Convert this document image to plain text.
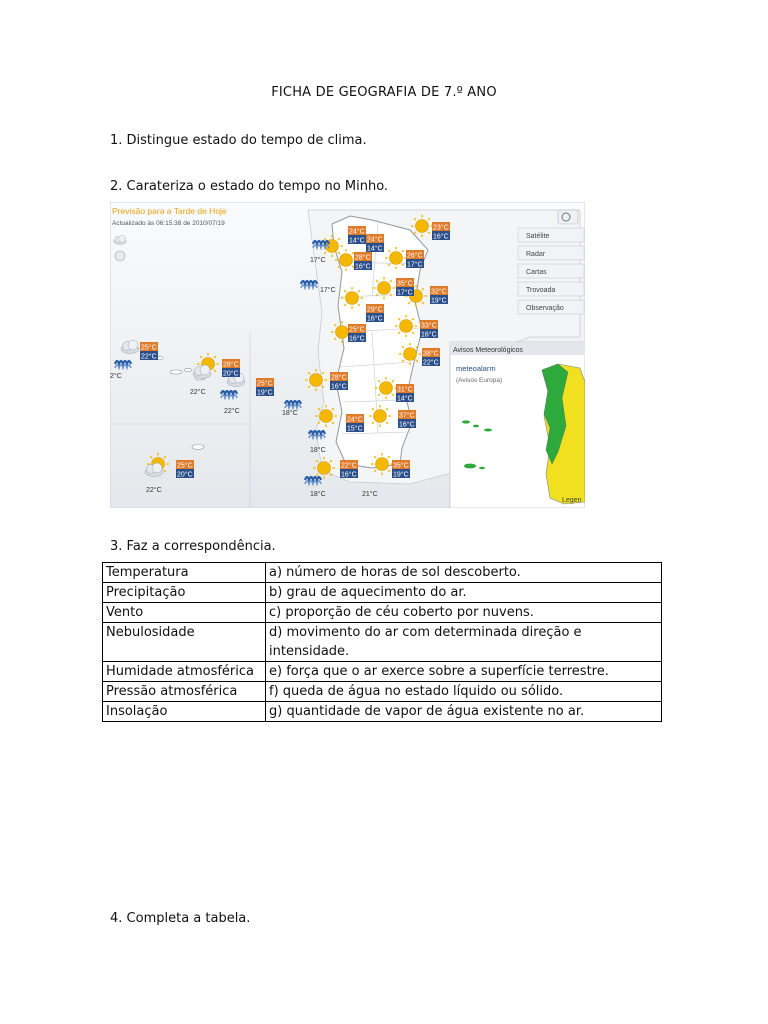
FICHA DE GEOGRAFIA DE 7.º ANO
1. Distingue estado do tempo de clima.
2. Carateriza o estado do tempo no Minho.
Previsão para a Tarde de Hoje
Actualizado às 06:15:38 de 2010/07/19
Satélite
Radar
Cartas
Trovoada
Observação
Avisos Meteorológicos
meteoalarm
(Avisos Europa)
Legen
24°C
14°C 24°C
14°C
23°C
16°C
28°C
16°C
26°C
17°C
35°C
17°C	32°C
19°C
29°C
16°C
33°C
16°C
25°C
16°C
38°C
22°C
28°C
16°C	31°C
14°C
24°C
15°C
37°C
16°C
22°C
16°C
35°C
19°C
25°C
22°C
28°C
20°C
25°C
19°C
25°C
20°C
17°C
17°C
18°C
18°C
18°C	21°C
22°C
22°C
22°C
2°C
3. Faz a correspondência.
Temperatura	a) número de horas de sol descoberto.
Precipitação	b) grau de aquecimento do ar.
Vento	c) proporção de céu coberto por nuvens.
Nebulosidade	d) movimento do ar com determinada direção e intensidade.
Humidade atmosférica	e) força que o ar exerce sobre a superfície terrestre.
Pressão atmosférica	f) queda de água no estado líquido ou sólido.
Insolação	g) quantidade de vapor de água existente no ar.
4. Completa a tabela.
